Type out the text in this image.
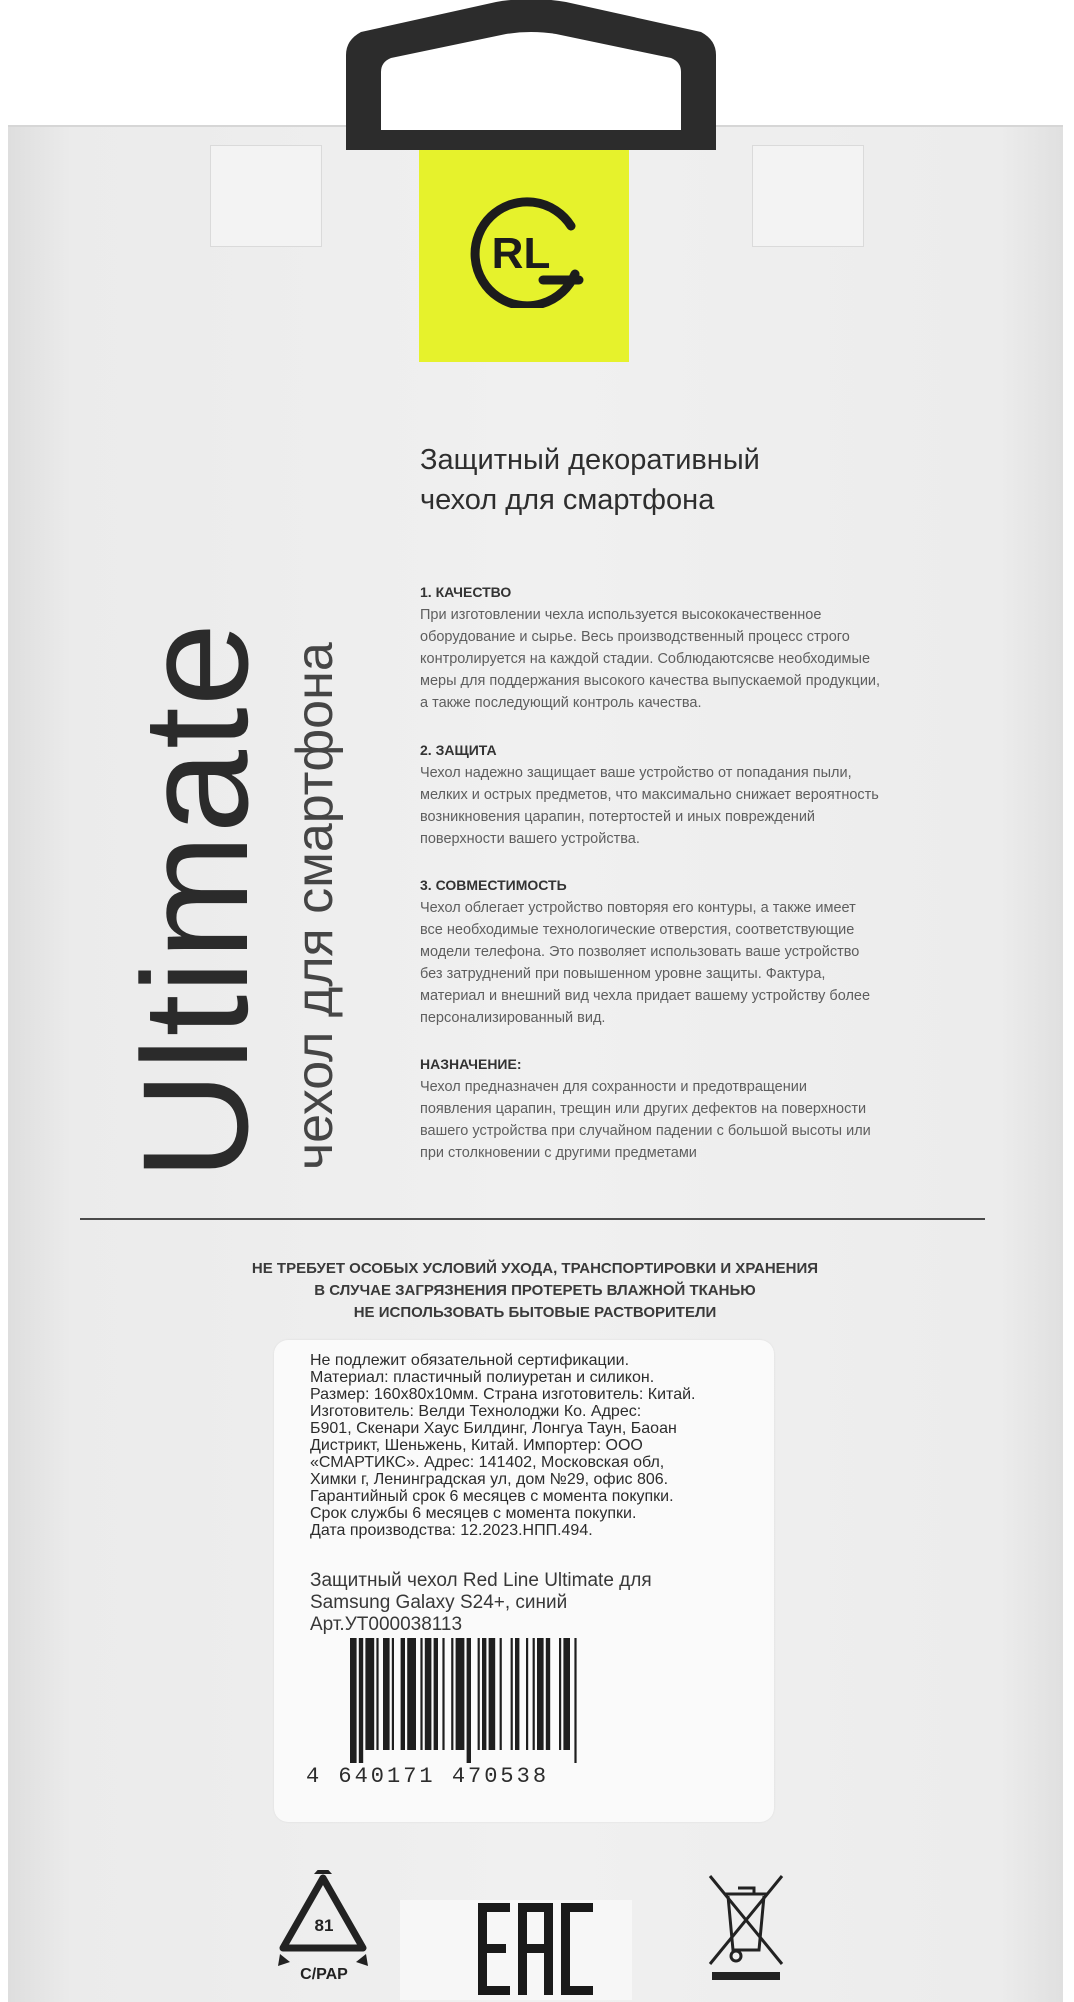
RL
Ultimate чехол для смартфона
Защитный декоративный
чехол для смартфона
1. КАЧЕСТВО

При изготовлении чехла используется высококачественное
оборудование и сырье. Весь производственный процесс строго
контролируется на каждой стадии. Соблюдаютсясве необходимые
меры для поддержания высокого качества выпускаемой продукции,
а также последующий контроль качества.

2. ЗАЩИТА

Чехол надежно защищает ваше устройство от попадания пыли,
мелких и острых предметов, что максимально снижает вероятность
возникновения царапин, потертостей и иных повреждений
поверхности вашего устройства.

3. СОВМЕСТИМОСТЬ

Чехол облегает устройство повторяя его контуры, а также имеет
все необходимые технологические отверстия, соответствующие
модели телефона. Это позволяет использовать ваше устройство
без затруднений при повышенном уровне защиты. Фактура,
материал и внешний вид чехла придает вашему устройству более
персонализированный вид.

НАЗНАЧЕНИЕ:

Чехол предназначен для сохранности и предотвращении
появления царапин, трещин или других дефектов на поверхности
вашего устройства при случайном падении с большой высоты или
при столкновении с другими предметами

НЕ ТРЕБУЕТ ОСОБЫХ УСЛОВИЙ УХОДА, ТРАНСПОРТИРОВКИ И ХРАНЕНИЯ
В СЛУЧАЕ ЗАГРЯЗНЕНИЯ ПРОТЕРЕТЬ ВЛАЖНОЙ ТКАНЬЮ
НЕ ИСПОЛЬЗОВАТЬ БЫТОВЫЕ РАСТВОРИТЕЛИ
Не подлежит обязательной сертификации.
Материал: пластичный полиуретан и силикон.
Размер: 160х80х10мм. Страна изготовитель: Китай.
Изготовитель: Велди Технолоджи Ко. Адрес:
Б901, Скенари Хаус Билдинг, Лонгуа Таун, Баоан
Дистрикт, Шеньжень, Китай. Импортер: ООО
«СМАРТИКС». Адрес: 141402, Московская обл,
Химки г, Ленинградская ул, дом №29, офис 806.
Гарантийный срок 6 месяцев с момента покупки.
Срок службы 6 месяцев с момента покупки.
Дата производства: 12.2023.НПП.494.
Защитный чехол Red Line Ultimate для
Samsung Galaxy S24+, синий
Арт.УТ000038113
4 640171 470538
81
C/PAP
EAC
